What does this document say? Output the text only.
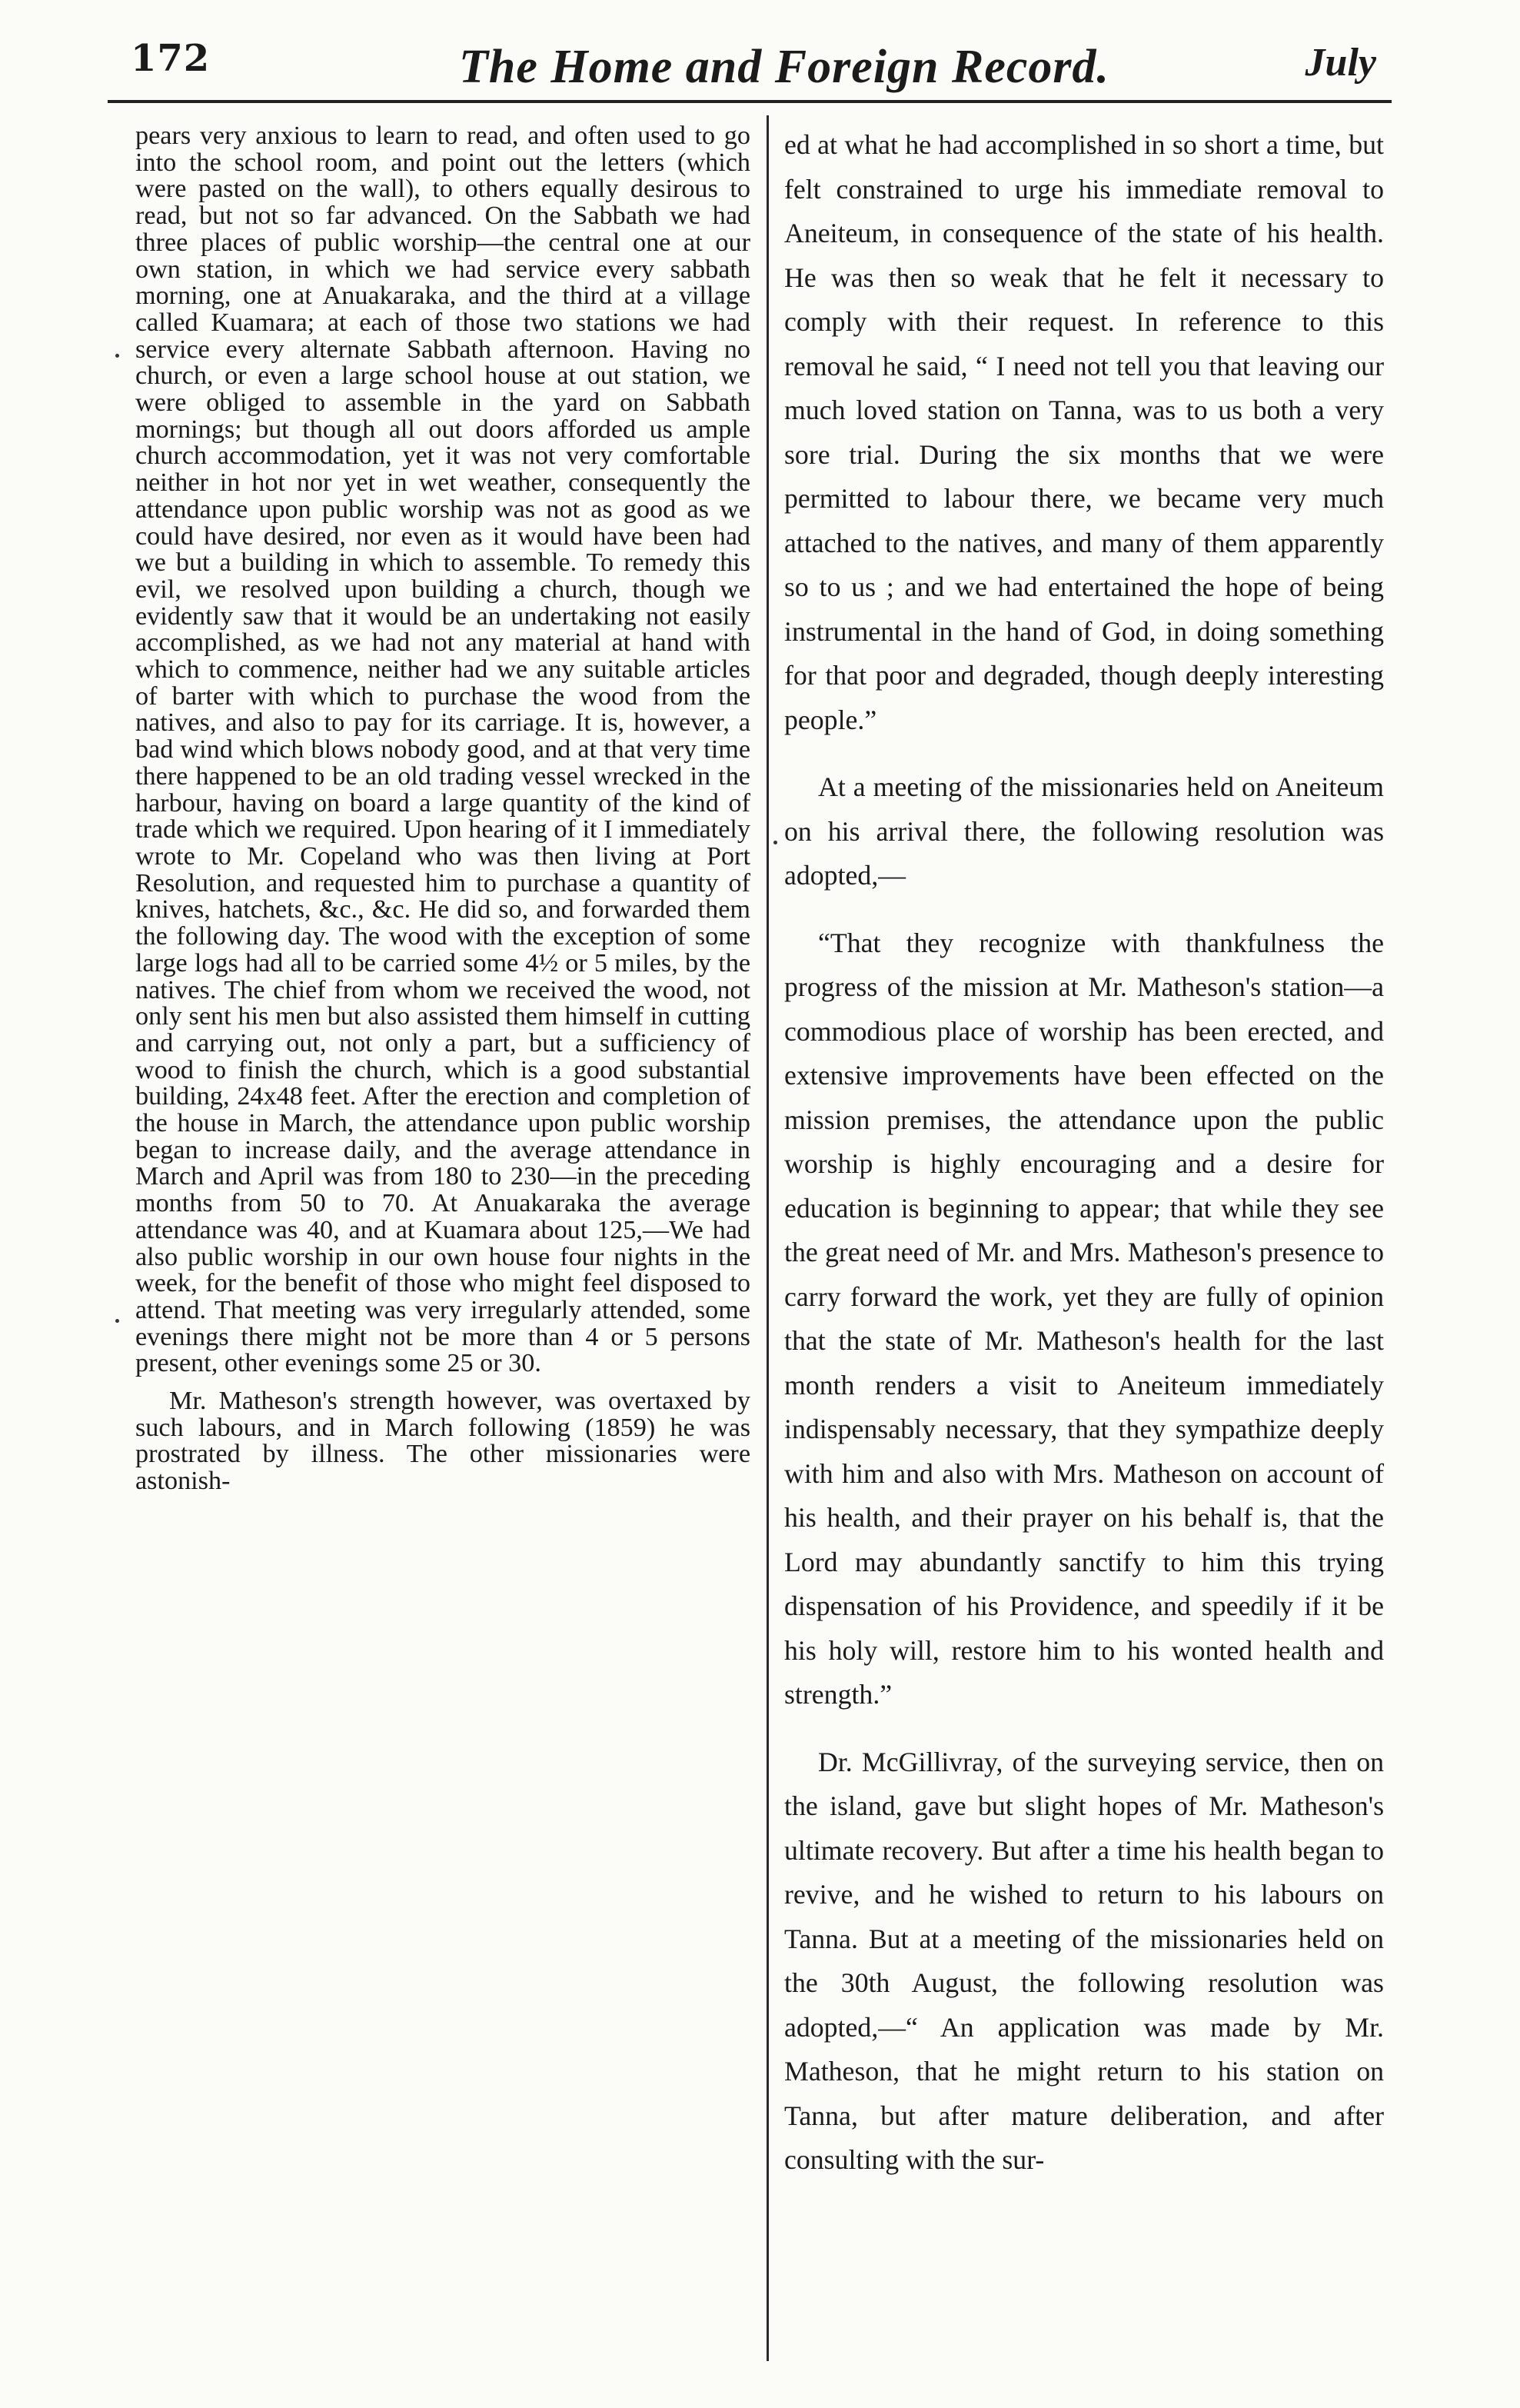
172	The Home and Foreign Record.	July

pears very anxious to learn to read, and often used to go into the school room, and point out the letters (which were pasted on the wall), to others equally desirous to read, but not so far advanced. On the Sabbath we had three places of public worship—the central one at our own station, in which we had service every sabbath morning, one at Anuakaraka, and the third at a village called Kuamara; at each of those two stations we had service every alternate Sabbath afternoon. Having no church, or even a large school house at out station, we were obliged to assemble in the yard on Sabbath mornings; but though all out doors afforded us ample church accommodation, yet it was not very comfortable neither in hot nor yet in wet weather, consequently the attendance upon public worship was not as good as we could have desired, nor even as it would have been had we but a building in which to assemble. To remedy this evil, we resolved upon building a church, though we evidently saw that it would be an undertaking not easily accomplished, as we had not any material at hand with which to commence, neither had we any suitable articles of barter with which to purchase the wood from the natives, and also to pay for its carriage. It is, however, a bad wind which blows nobody good, and at that very time there happened to be an old trading vessel wrecked in the harbour, having on board a large quantity of the kind of trade which we required. Upon hearing of it I immediately wrote to Mr. Copeland who was then living at Port Resolution, and requested him to purchase a quantity of knives, hatchets, &c., &c. He did so, and forwarded them the following day. The wood with the exception of some large logs had all to be carried some 4½ or 5 miles, by the natives. The chief from whom we received the wood, not only sent his men but also assisted them himself in cutting and carrying out, not only a part, but a sufficiency of wood to finish the church, which is a good substantial building, 24x48 feet. After the erection and completion of the house in March, the attendance upon public worship began to increase daily, and the average attendance in March and April was from 180 to 230—in the preceding months from 50 to 70. At Anuakaraka the average attendance was 40, and at Kuamara about 125,—We had also public worship in our own house four nights in the week, for the benefit of those who might feel disposed to attend. That meeting was very irregularly attended, some evenings there might not be more than 4 or 5 persons present, other evenings some 25 or 30.

Mr. Matheson's strength however, was overtaxed by such labours, and in March following (1859) he was prostrated by illness. The other missionaries were astonish-

ed at what he had accomplished in so short a time, but felt constrained to urge his immediate removal to Aneiteum, in consequence of the state of his health. He was then so weak that he felt it necessary to comply with their request. In reference to this removal he said, “ I need not tell you that leaving our much loved station on Tanna, was to us both a very sore trial. During the six months that we were permitted to labour there, we became very much attached to the natives, and many of them apparently so to us ; and we had entertained the hope of being instrumental in the hand of God, in doing something for that poor and degraded, though deeply interesting people.”

At a meeting of the missionaries held on Aneiteum on his arrival there, the following resolution was adopted,—

“That they recognize with thankfulness the progress of the mission at Mr. Matheson's station—a commodious place of worship has been erected, and extensive improvements have been effected on the mission premises, the attendance upon the public worship is highly encouraging and a desire for education is beginning to appear; that while they see the great need of Mr. and Mrs. Matheson's presence to carry forward the work, yet they are fully of opinion that the state of Mr. Matheson's health for the last month renders a visit to Aneiteum immediately indispensably necessary, that they sympathize deeply with him and also with Mrs. Matheson on account of his health, and their prayer on his behalf is, that the Lord may abundantly sanctify to him this trying dispensation of his Providence, and speedily if it be his holy will, restore him to his wonted health and strength.”

Dr. McGillivray, of the surveying service, then on the island, gave but slight hopes of Mr. Matheson's ultimate recovery. But after a time his health began to revive, and he wished to return to his labours on Tanna. But at a meeting of the missionaries held on the 30th August, the following resolution was adopted,—“ An application was made by Mr. Matheson, that he might return to his station on Tanna, but after mature deliberation, and after consulting with the sur-
